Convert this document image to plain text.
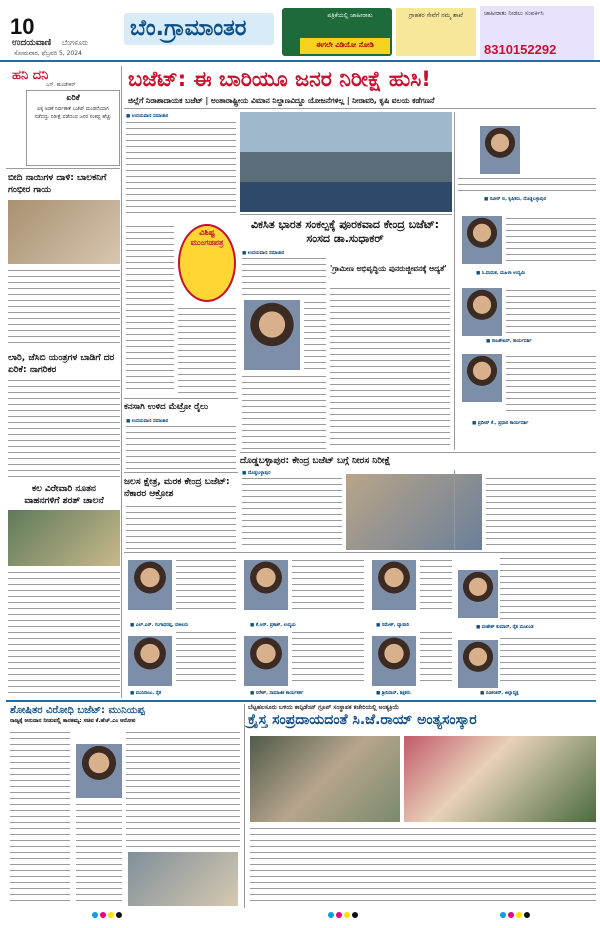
10
ಉದಯವಾಣಿ ಬೆಂಗಳೂರು
ಸೋಮವಾರ, ಫೆಬ್ರವರಿ 5, 2024
ಬೆಂ.ಗ್ರಾಮಾಂತರ
ಪತ್ರಿಕೆಯಲ್ಲಿ ಜಾಹೀರಾತು
ಈಗಲೇ ವಿಡಿಯೋ ನೋಡಿ
ಗ್ರಾಹಕರ ಸೇವೆಗೆ ನಮ್ಮ ಶಾಖೆ	ಜಾಹೀರಾತು ನೀಡಲು ಸಂಪರ್ಕಿಸಿ
8310152292
ಹನಿ ದನಿ
ಎನ್. ಹುಂಡೇಕರ್
ಏರಿಕೆ
ಏಕ್ಕ ಅಡಕೆ ನಿರ್ವಹಣೆ ಬಜೆಟ್‌ ಮಂಡನೆಯಾಗಿ ನಡೆದದ್ದು ನಿರೀಕ್ಷೆ ಪಡೆದಂಥ ಜನರ ಸಂಕಷ್ಟ ಹೆಚ್ಚು
ಬೀದಿ ನಾಯಿಗಳ ದಾಳಿ: ಬಾಲಕನಿಗೆ ಗಂಭೀರ ಗಾಯ
ಲಾರಿ, ಜೆಸಿಬಿ ಯಂತ್ರಗಳ ಬಾಡಿಗೆ ದರ ಏರಿಕೆ: ನಾಗರಿಕರ
ಕಲ ವಿರೇವಾರಿ ನೂತನ ವಾಹನಗಳಿಗೆ ಶರತ್ ಚಾಲನೆ
ಬಜೆಟ್: ಈ ಬಾರಿಯೂ ಜನರ ನಿರೀಕ್ಷೆ ಹುಸಿ!
ಜಿಲ್ಲೆಗೆ ನಿರಾಶಾದಾಯಕ ಬಜೆಟ್ | ಅಂತಾರಾಷ್ಟ್ರೀಯ ವಿಮಾನ ನಿಲ್ದಾಣವಿದ್ದೂ ಯೋಜನೆಗಳಿಲ್ಲ | ನೀರಾವರಿ, ಕೃಷಿ ವಲಯ ಕಡೆಗಣನೆ
■ ಉದಯವಾಣಿ ಸಮಾಚಾರ
ವಿಶಿಷ್ಟ ಮುಂಗಡಪತ್ರ
ವಿಕಸಿತ ಭಾರತ ಸಂಕಲ್ಪಕ್ಕೆ ಪೂರಕವಾದ ಕೇಂದ್ರ ಬಜೆಟ್: ಸಂಸದ ಡಾ.ಸುಧಾಕರ್
■ ಉದಯವಾಣಿ ಸಮಾಚಾರ
'ಗ್ರಾಮೀಣ ಅಭಿವೃದ್ಧಿಯ ಪುನರುಜ್ಜೀವನಕ್ಕೆ ಆದ್ಯತೆ'
ಕನಸಾಗಿ ಉಳಿದ ಮೆಟ್ರೋ ರೈಲು
■ ಉದಯವಾಣಿ ಸಮಾಚಾರ
ಜಲಸ ಕ್ಷೇತ್ರ, ಮರಕ ಕೇಂದ್ರ ಬಜೆಟ್: ನೆಕಾರರ ಆಕ್ರೋಶ
ದೊಡ್ಡಬಳ್ಳಾಪುರ: ಕೇಂದ್ರ ಬಜೆಟ್ ಬಗ್ಗೆ ನೀರಸ ನಿರೀಕ್ಷೆ
■ ದೊಡ್ಡಬಳ್ಳಾಪುರ
■ ನವೀನ್ ಬಿ, ಕೃಷಿಕರು, ದೊಡ್ಡಬಳ್ಳಾಪುರ
■ ಸಿ.ಮಮತ, ಮಹಿಳಾ ಉದ್ಯಮಿ
■ ರಾಜಶೇಖರ್, ಕಾರ್ಯದರ್ಶಿ
■ ಪ್ರದೀಪ್ ಕೆ., ಪ್ರಧಾನ ಕಾರ್ಯದರ್ಶಿ
■ ಮಹೇಶ್ ಕುಮಾರ್, ರೈತ ಮುಖಂಡ
■ ರವಿಶಂಕರ್, ಜಿಲ್ಲಾಧ್ಯಕ್ಷ
■ ಎಲ್.ಎನ್. ಗಂಗಾಧರಪ್ಪ, ವಕೀಲರು	■ ಕೆ.ಆರ್. ಪ್ರಕಾಶ್, ಉದ್ಯಮಿ	■ ರಮೇಶ್, ವ್ಯಾಪಾರಿ
■ ಮುನಿರಾಜು, ರೈತ	■ ನರೇಶ್, ಸಾಮಾಜಿಕ ಕಾರ್ಯಕರ್ತ	■ ಶ್ರೀನಿವಾಸ್, ಶಿಕ್ಷಕರು
ಶೋಷಿತರ ವಿರೋಧಿ ಬಜೆಟ್: ಮುನಿಯಪ್ಪ
ರಾಜ್ಯಕ್ಕೆ ಅನುದಾನ ನೀಡುವಲ್ಲಿ ತಾರತಮ್ಯ: ಸಚಿವ ಕೆ.ಹೆಚ್.ಎಂ ಆರೋಪ
ಬೆಟ್ಟಹಲಸೂರು ಬಳಿಯ ಕಾನ್ಫಿಡೆಂಟ್ ಗ್ರೂಪ್ ಸಂಸ್ಥಾಪಕ ಕಚೇರಿಯಲ್ಲಿ ಅಂತ್ಯಕ್ರಿಯೆ
ಕ್ರೈಸ್ತ ಸಂಪ್ರದಾಯದಂತೆ ಸಿ.ಜೆ.ರಾಯ್ ಅಂತ್ಯಸಂಸ್ಕಾರ
